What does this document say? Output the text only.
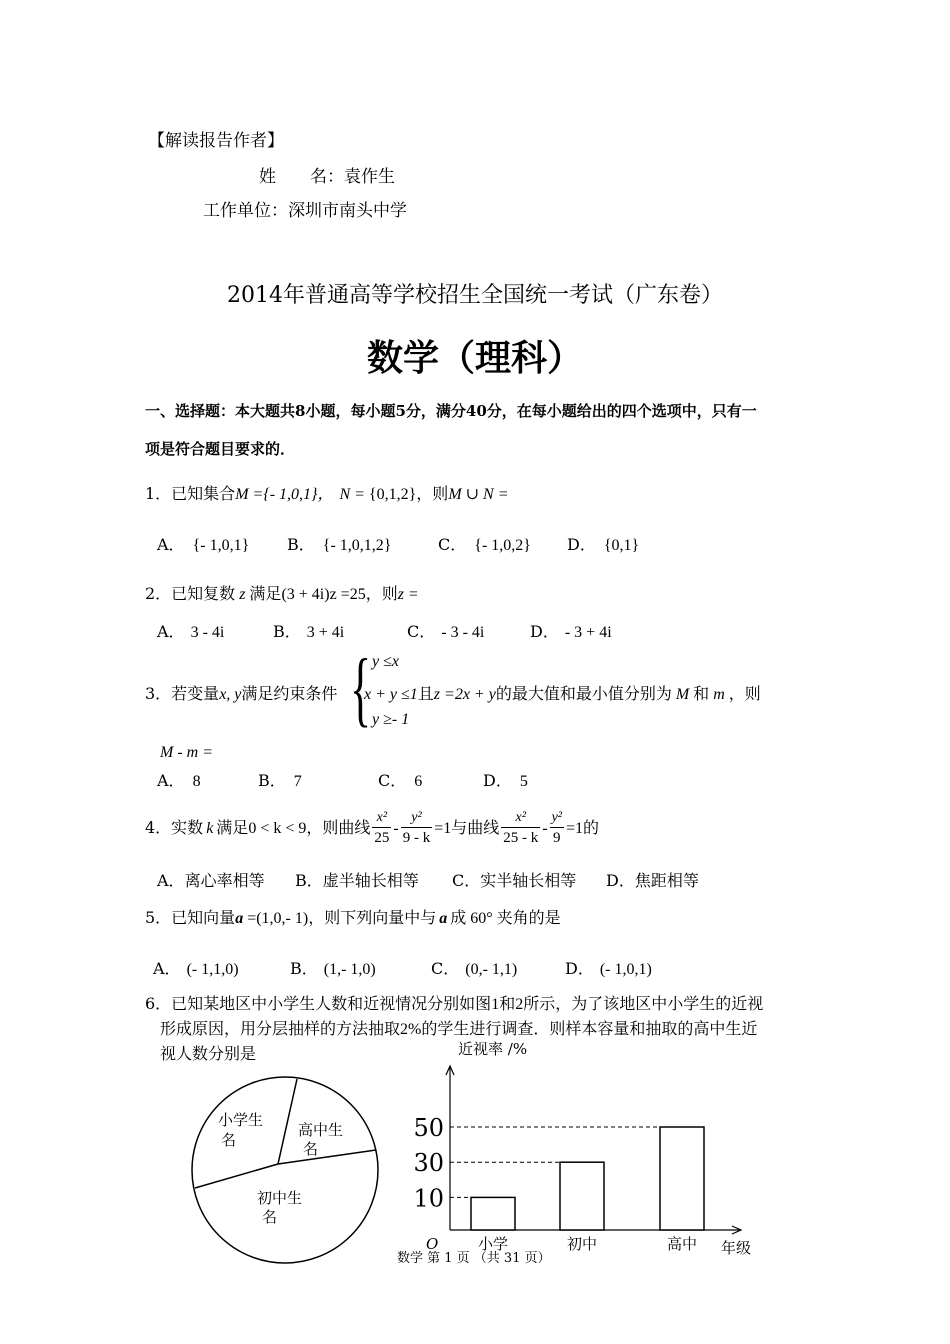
【解读报告作者】
姓　　名：袁作生
工作单位：深圳市南头中学
2014年普通高等学校招生全国统一考试（广东卷）
数学（理科）
一、选择题：本大题共8小题，每小题5分，满分40分，在每小题给出的四个选项中，只有一
项是符合题目要求的．
1．已知集合M ={- 1,0,1}， N = {0,1,2}，则M ∪ N =
A． {- 1,0,1} B． {- 1,0,1,2}	C． {- 1,0,2} D． {0,1}
2．已知复数 z 满足(3 + 4i)z =25，则z =
A． 3 - 4i	B． 3 + 4i	C． - 3 - 4i	D． - 3 + 4i
3．若变量x, y满足约束条件 { y ≤x
x + y ≤1且z =2x + y的最大值和最小值分别为 M 和 m ，则
y ≥- 1
M - m =
A． 8	B． 7	C． 6	D． 5
4．实数 k 满足0 < k < 9，则曲线 $\frac{\text{x²}}{25} - \frac{\text{y²}}{9 - k} =1$与曲线 $\frac{\text{x²}}{25 - k} - \frac{\text{y²}}{9} =1$的
A．离心率相等 B．虚半轴长相等 C．实半轴长相等 D．焦距相等
5．已知向量a =(1,0,- 1)，则下列向量中与 a 成 60° 夹角的是
A． (- 1,1,0)	B． (1,- 1,0)	C． (0,- 1,1)	D． (- 1,0,1)
6．已知某地区中小学生人数和近视情况分别如图1和2所示，为了该地区中小学生的近视
形成原因，用分层抽样的方法抽取2%的学生进行调查．则样本容量和抽取的高中生近
视人数分别是
小学生
名
高中生
名
初中生
名
近视率 /%
年级
O	小学	初中	高中
10
30
50
数学 第 1 页 （共 31 页）
